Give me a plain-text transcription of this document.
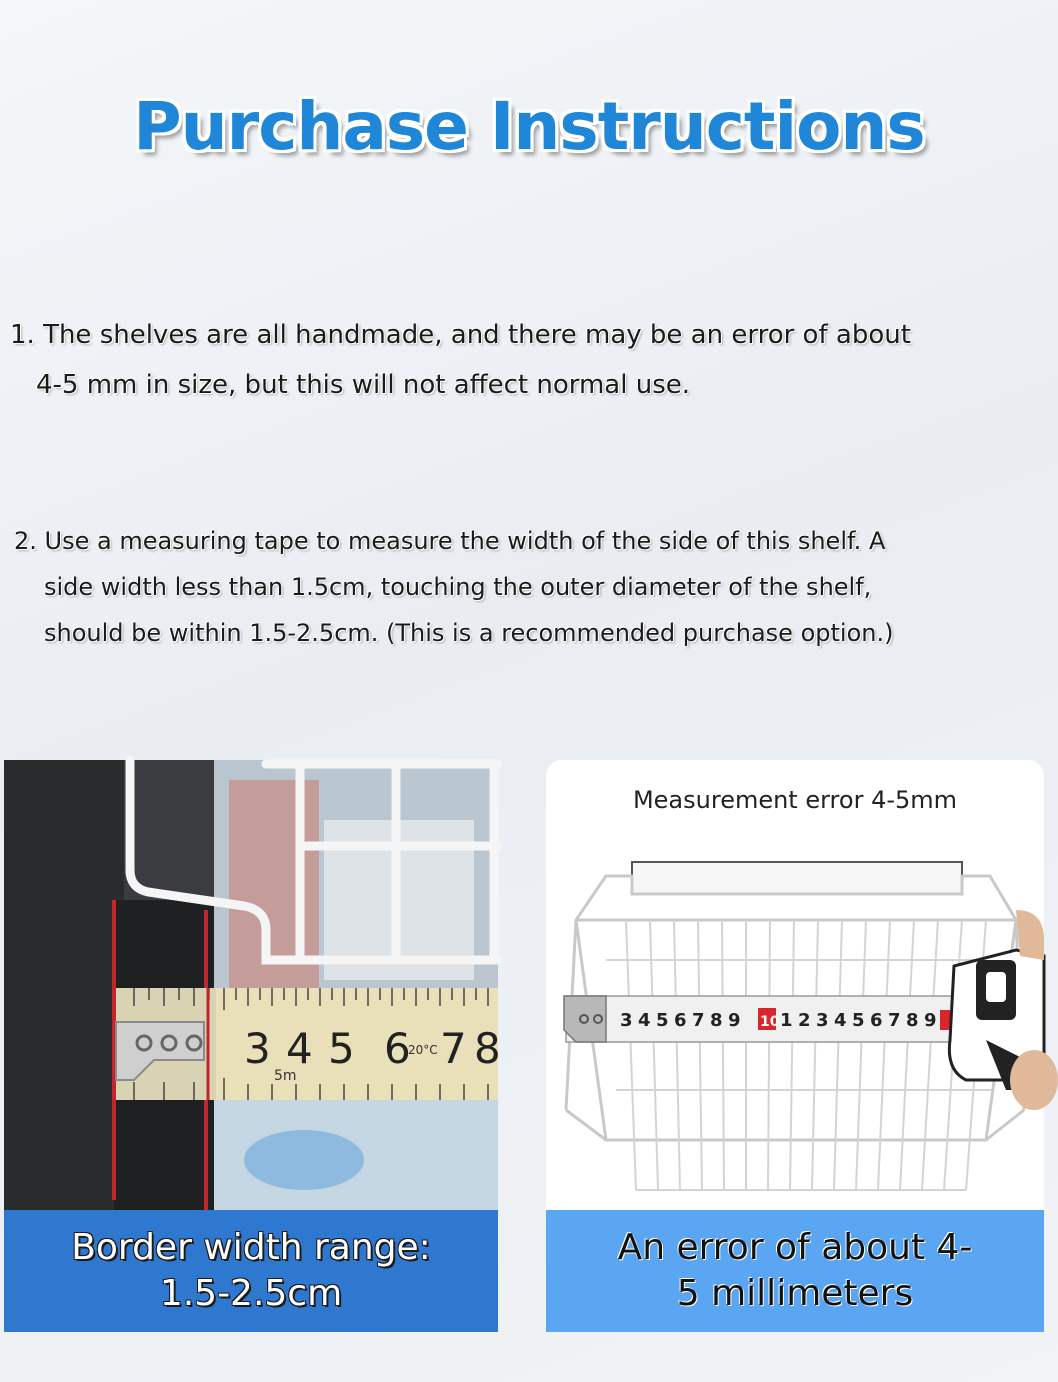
Purchase Instructions
1. The shelves are all handmade, and there may be an error of about
4-5 mm in size, but this will not affect normal use.
2. Use a measuring tape to measure the width of the side of this shelf. A
side width less than 1.5cm, touching the outer diameter of the shelf,
should be within 1.5-2.5cm. (This is a recommended purchase option.)
3 4 5 6 7 8
5m
20°C
Border width range:
1.5-2.5cm
Measurement error 4-5mm
3 4 5 6 7 8 9 10 1 2 3 4 5 6 7 8 9
An error of about 4-
5 millimeters
